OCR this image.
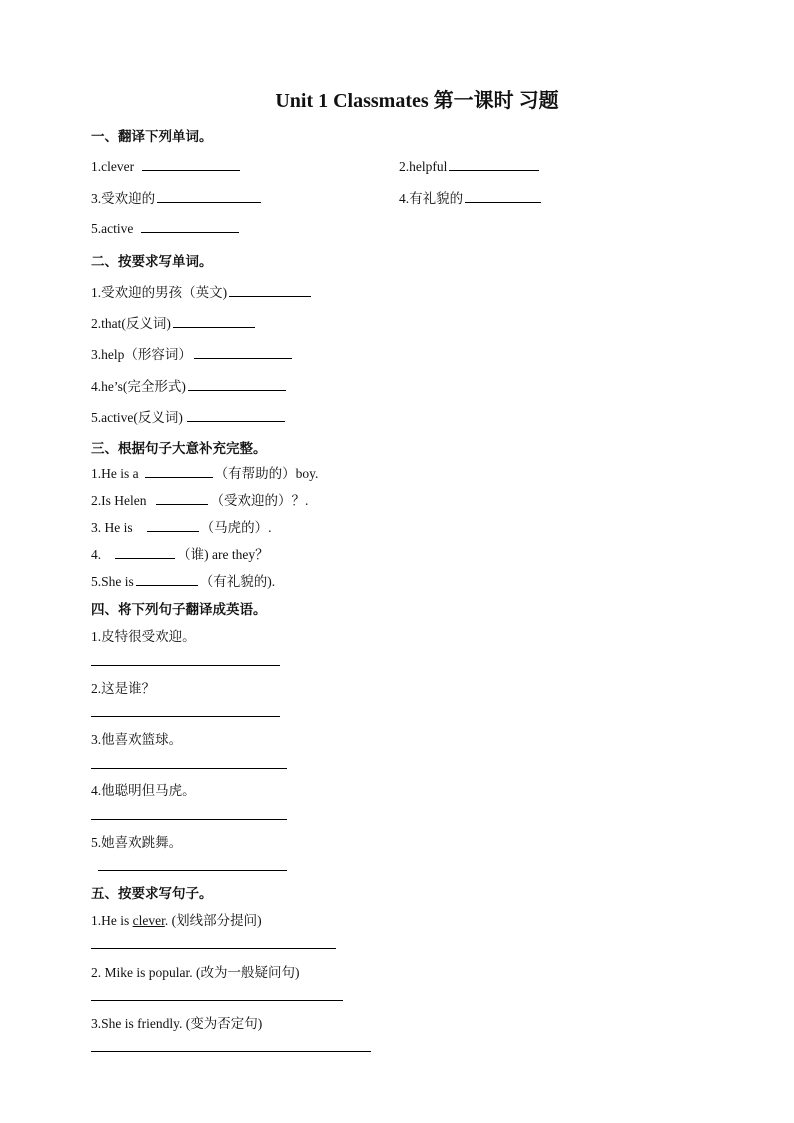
Unit 1 Classmates 第一课时 习题
一、翻译下列单词。
1.clever	2.helpful
3.受欢迎的	4.有礼貌的
5.active
二、按要求写单词。
1.受欢迎的男孩（英文)
2.that(反义词)
3.help（形容词）
4.he’s(完全形式)
5.active(反义词)
三、根据句子大意补充完整。
1.He is a	（有帮助的）boy.
2.Is Helen	（受欢迎的）？.
3. He is	（马虎的）.
4.	（谁) are they？
5.She is	（有礼貌的).
四、将下列句子翻译成英语。
1.皮特很受欢迎。
2.这是谁？
3.他喜欢篮球。
4.他聪明但马虎。
5.她喜欢跳舞。
五、按要求写句子。
1.He is clever. (划线部分提问)
2. Mike is popular. (改为一般疑问句)
3.She is friendly. (变为否定句)
